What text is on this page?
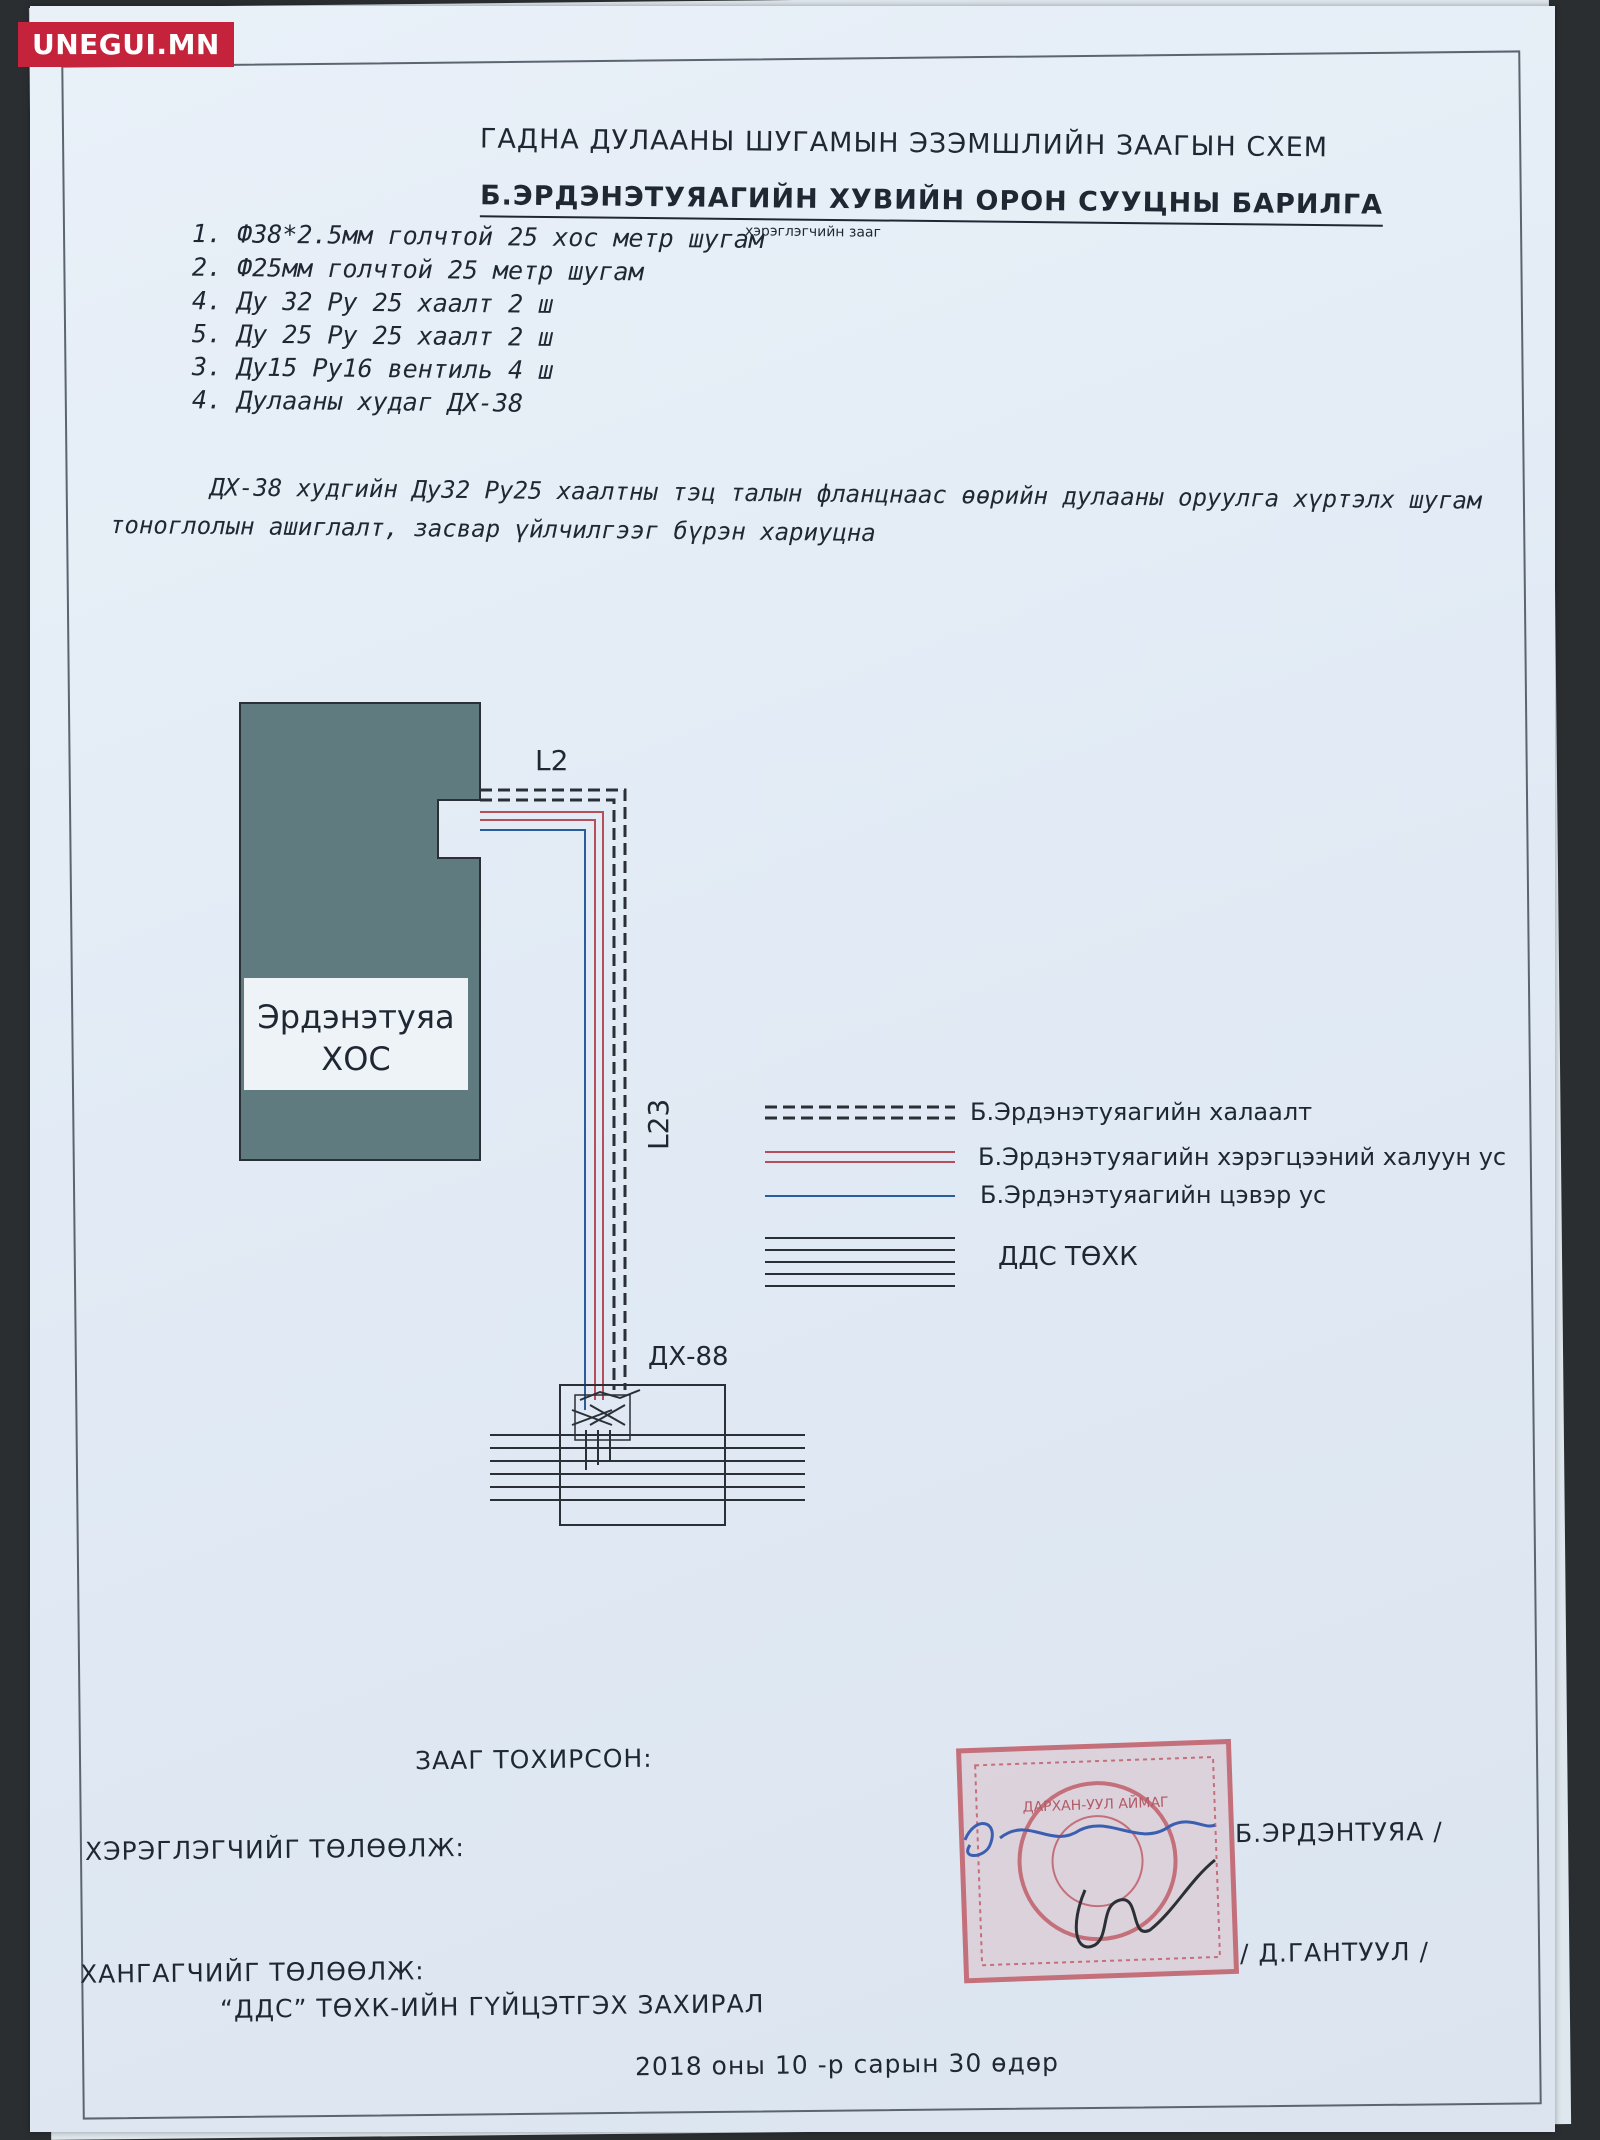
UNEGUI.MN
ГАДНА ДУЛААНЫ ШУГАМЫН ЭЗЭМШЛИЙН ЗААГЫН СХЕМ
Б.ЭРДЭНЭТУЯАГИЙН ХУВИЙН ОРОН СУУЦНЫ БАРИЛГА
хэрэглэгчийн зааг
1. Ф38*2.5мм голчтой 25 хос метр шугам
2. Ф25мм голчтой 25 метр шугам
4. Ду 32 Ру 25 хаалт 2 ш
5. Ду 25 Ру 25 хаалт 2 ш
3. Ду15 Ру16 вентиль 4 ш
4. Дулааны худаг ДХ-38
ДХ-38 худгийн Ду32 Ру25 хаалтны тэц талын фланцнаас өөрийн дулааны оруулга хүртэлх шугам
тоноглолын ашиглалт, засвар үйлчилгээг бүрэн хариуцна
Эрдэнэтуяа
ХОС
L2
L23
ДХ-88
Б.Эрдэнэтуяагийн халаалт
Б.Эрдэнэтуяагийн хэрэгцээний халуун ус
Б.Эрдэнэтуяагийн цэвэр ус
ДДС ТӨХК
ДАРХАН-УУЛ АЙМАГ
ЗААГ ТОХИРСОН:
ХЭРЭГЛЭГЧИЙГ ТӨЛӨӨЛЖ:
Б.ЭРДЭНТУЯА /
ХАНГАГЧИЙГ ТӨЛӨӨЛЖ:
“ДДС” ТӨХК-ИЙН ГҮЙЦЭТГЭХ ЗАХИРАЛ
/ Д.ГАНТУУЛ /
2018 оны 10 -р сарын 30 өдөр
